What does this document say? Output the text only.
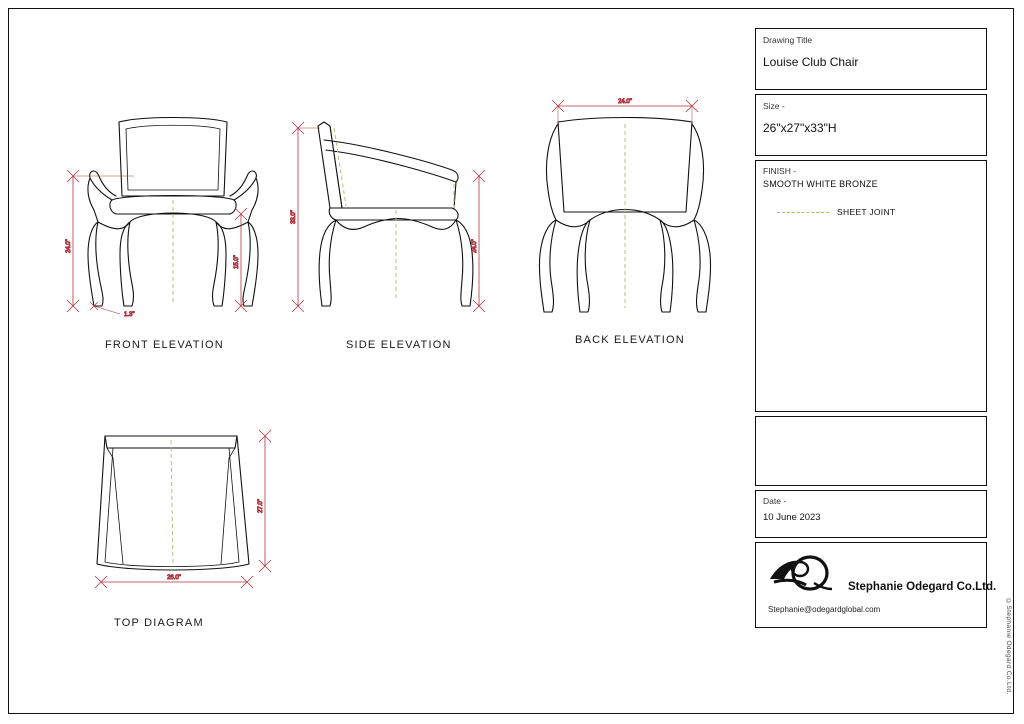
24.0"
15.0"
1.3"
FRONT ELEVATION
33.0"
24.0"
SIDE ELEVATION
24.0"
BACK ELEVATION
27.0"
26.0"
TOP DIAGRAM
Drawing Title
Louise Club Chair
Size -
26"x27"x33"H
FINISH -
SMOOTH WHITE BRONZE
SHEET JOINT
Date -
10 June 2023
Stephanie Odegard Co.Ltd.
Stephanie@odegardglobal.com	©Stephanie Odegard Co.Ltd.
